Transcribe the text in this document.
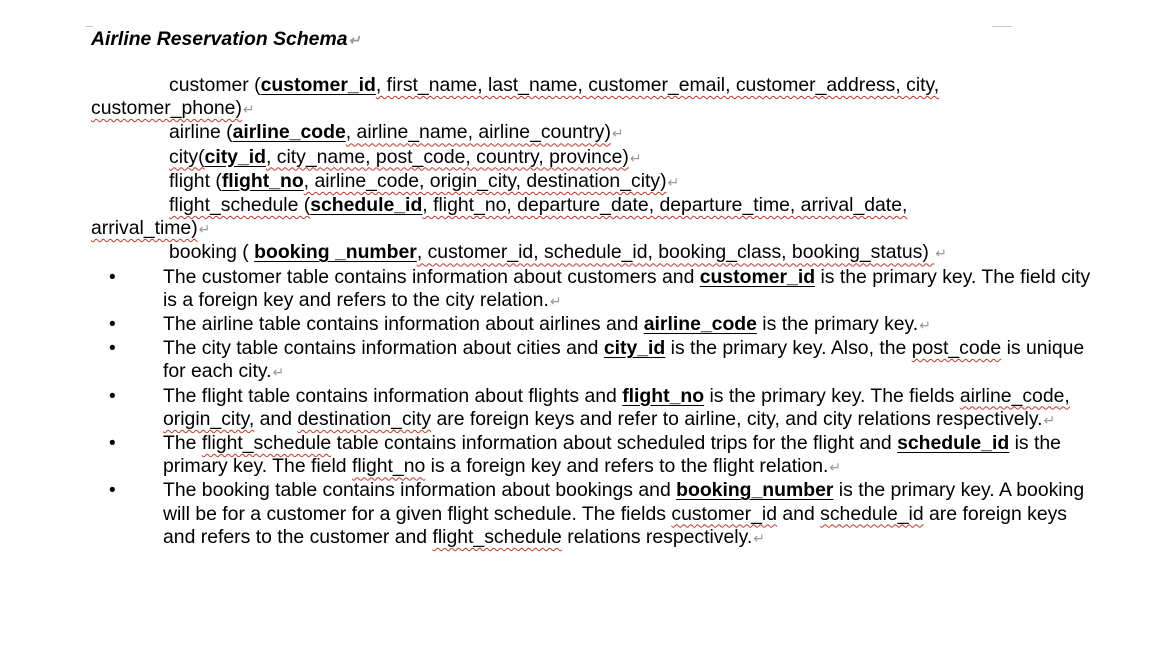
Airline Reservation Schema↵
customer (customer_id, first_name, last_name, customer_email, customer_address, city,
customer_phone)↵
airline (airline_code, airline_name, airline_country)↵
city(city_id, city_name, post_code, country, province)↵
flight (flight_no, airline_code, origin_city, destination_city)↵
flight_schedule (schedule_id, flight_no, departure_date, departure_time, arrival_date,
arrival_time)↵
booking ( booking _number, customer_id, schedule_id, booking_class, booking_status) ↵
• The customer table contains information about customers and customer_id is the primary key. The field city is a foreign key and refers to the city relation.↵
• The airline table contains information about airlines and airline_code is the primary key.↵
• The city table contains information about cities and city_id is the primary key. Also, the post_code is unique for each city.↵
• The flight table contains information about flights and flight_no is the primary key. The fields airline_code, origin_city, and destination_city are foreign keys and refer to airline, city, and city relations respectively.↵
• The flight_schedule table contains information about scheduled trips for the flight and schedule_id is the primary key. The field flight_no is a foreign key and refers to the flight relation.↵
• The booking table contains information about bookings and booking_number is the primary key. A booking will be for a customer for a given flight schedule. The fields customer_id and schedule_id are foreign keys and refers to the customer and flight_schedule relations respectively.↵
